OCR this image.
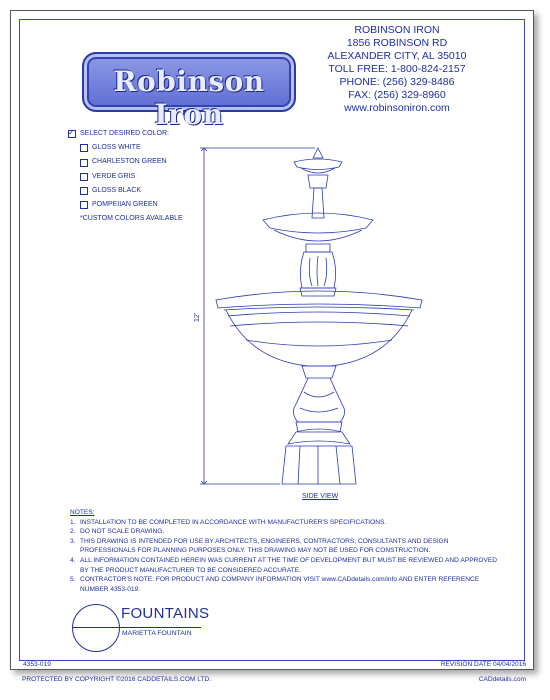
Robinson Iron
ROBINSON IRON
1856 ROBINSON RD
ALEXANDER CITY, AL 35010
TOLL FREE: 1-800-824-2157
PHONE: (256) 329-8486
FAX: (256) 329-8960
www.robinsoniron.com
✓
SELECT DESIRED COLOR:
GLOSS WHITE
CHARLESTON GREEN
VERDE GRIS
GLOSS BLACK
POMPEIIAN GREEN
*CUSTOM COLORS AVAILABLE
12'
SIDE VIEW
NOTES:
1. INSTALLATION TO BE COMPLETED IN ACCORDANCE WITH MANUFACTURER'S SPECIFICATIONS.
2. DO NOT SCALE DRAWING.
3. THIS DRAWING IS INTENDED FOR USE BY ARCHITECTS, ENGINEERS, CONTRACTORS, CONSULTANTS AND DESIGN PROFESSIONALS FOR PLANNING PURPOSES ONLY. THIS DRAWING MAY NOT BE USED FOR CONSTRUCTION.
4. ALL INFORMATION CONTAINED HEREIN WAS CURRENT AT THE TIME OF DEVELOPMENT BUT MUST BE REVIEWED AND APPROVED BY THE PRODUCT MANUFACTURER TO BE CONSIDERED ACCURATE.
5. CONTRACTOR'S NOTE: FOR PRODUCT AND COMPANY INFORMATION VISIT www.CADdetails.com/info AND ENTER REFERENCE NUMBER 4353-019.
FOUNTAINS
MARIETTA FOUNTAIN
4353-019	REVISION DATE 04/04/2016
PROTECTED BY COPYRIGHT ©2016 CADDETAILS.COM LTD.	CADdetails.com
